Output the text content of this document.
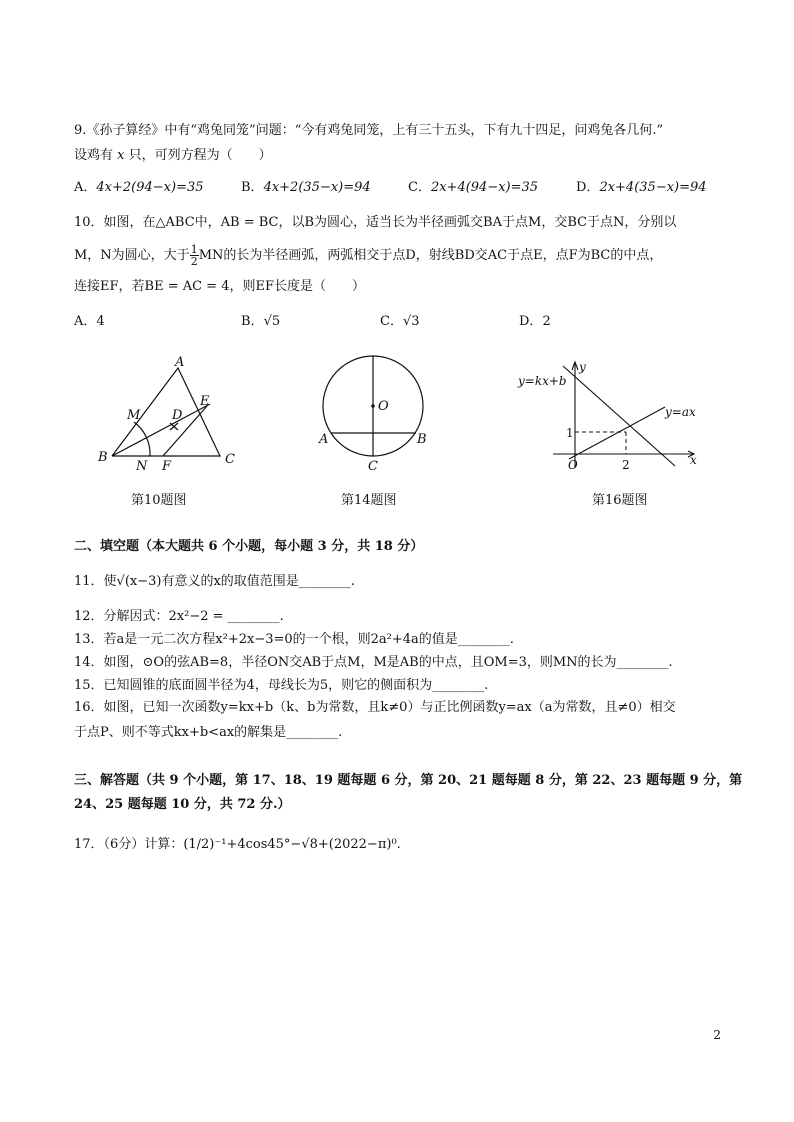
9.《孙子算经》中有“鸡兔同笼”问题：“今有鸡兔同笼，上有三十五头，下有九十四足，问鸡兔各几何.”
设鸡有 x 只，可列方程为（　　）
A．4x+2(94−x)=35	B．4x+2(35−x)=94	C．2x+4(94−x)=35	D．2x+4(35−x)=94
10．如图，在△ABC中，AB = BC，以B为圆心，适当长为半径画弧交BA于点M，交BC于点N，分别以
M，N为圆心，大于 $\frac{1}{2}$ MN的长为半径画弧，两弧相交于点D，射线BD交AC于点E，点F为BC的中点，
连接EF，若BE = AC = 4，则EF长度是（　　）
A．4	B．√5	C．√3	D．2
A
B	C
M
N
D
E
F
第10题图
O
A	B
C
第14题图
y
x
O
1
2
y=kx+b
y=ax
第16题图
二、填空题（本大题共 6 个小题，每小题 3 分，共 18 分）
11．使√(x−3)有意义的x的取值范围是________.
12．分解因式：2x²−2 = ________.
13．若a是一元二次方程x²+2x−3=0的一个根，则2a²+4a的值是________.
14．如图，⊙O的弦AB=8，半径ON交AB于点M，M是AB的中点，且OM=3，则MN的长为________.
15．已知圆锥的底面圆半径为4，母线长为5，则它的侧面积为________.
16．如图，已知一次函数y=kx+b（k、b为常数，且k≠0）与正比例函数y=ax（a为常数，且≠0）相交
于点P、则不等式kx+b<ax的解集是________.
三、解答题（共 9 个小题，第 17、18、19 题每题 6 分，第 20、21 题每题 8 分，第 22、23 题每题 9 分，第
24、25 题每题 10 分，共 72 分.）
17．（6分）计算：(1/2)⁻¹+4cos45°−√8+(2022−π)⁰.
2
